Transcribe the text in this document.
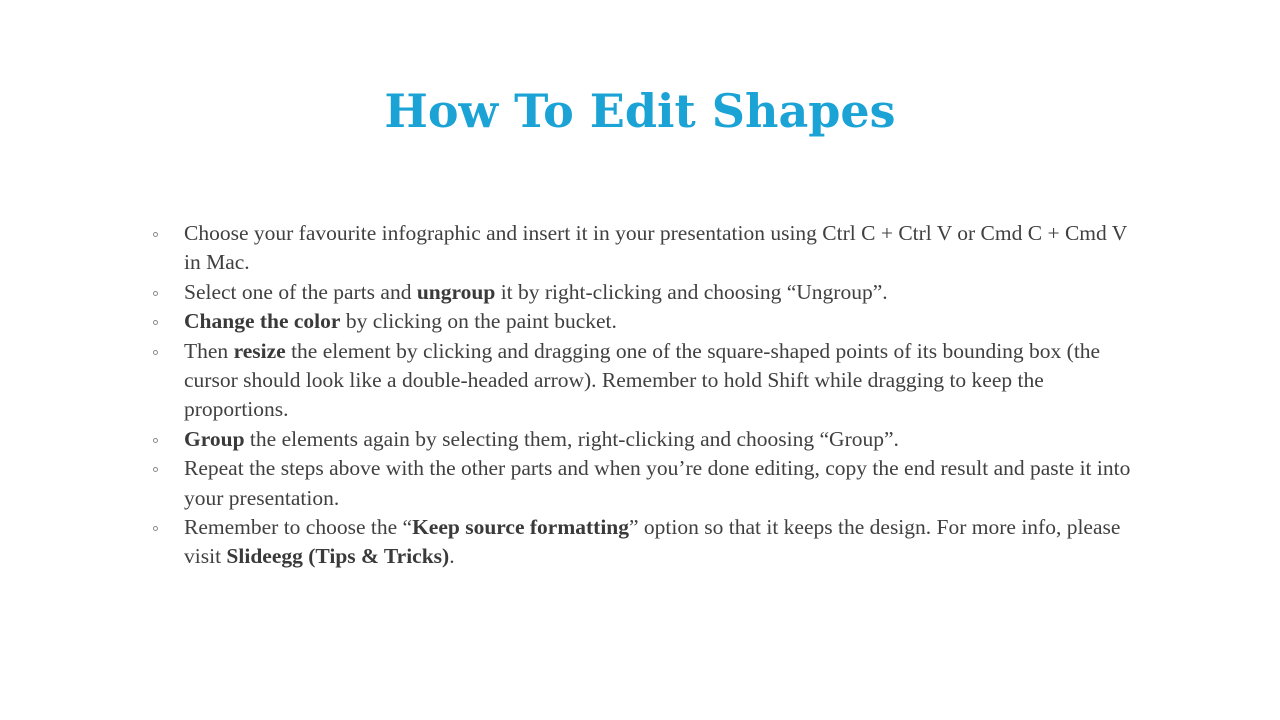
How To Edit Shapes
Choose your favourite infographic and insert it in your presentation using Ctrl C + Ctrl V or Cmd C + Cmd V in Mac.
Select one of the parts and ungroup it by right-clicking and choosing “Ungroup”.
Change the color by clicking on the paint bucket.
Then resize the element by clicking and dragging one of the square-shaped points of its bounding box (the cursor should look like a double-headed arrow). Remember to hold Shift while dragging to keep the proportions.
Group the elements again by selecting them, right-clicking and choosing “Group”.
Repeat the steps above with the other parts and when you’re done editing, copy the end result and paste it into your presentation.
Remember to choose the “Keep source formatting” option so that it keeps the design. For more info, please visit Slideegg (Tips & Tricks).
